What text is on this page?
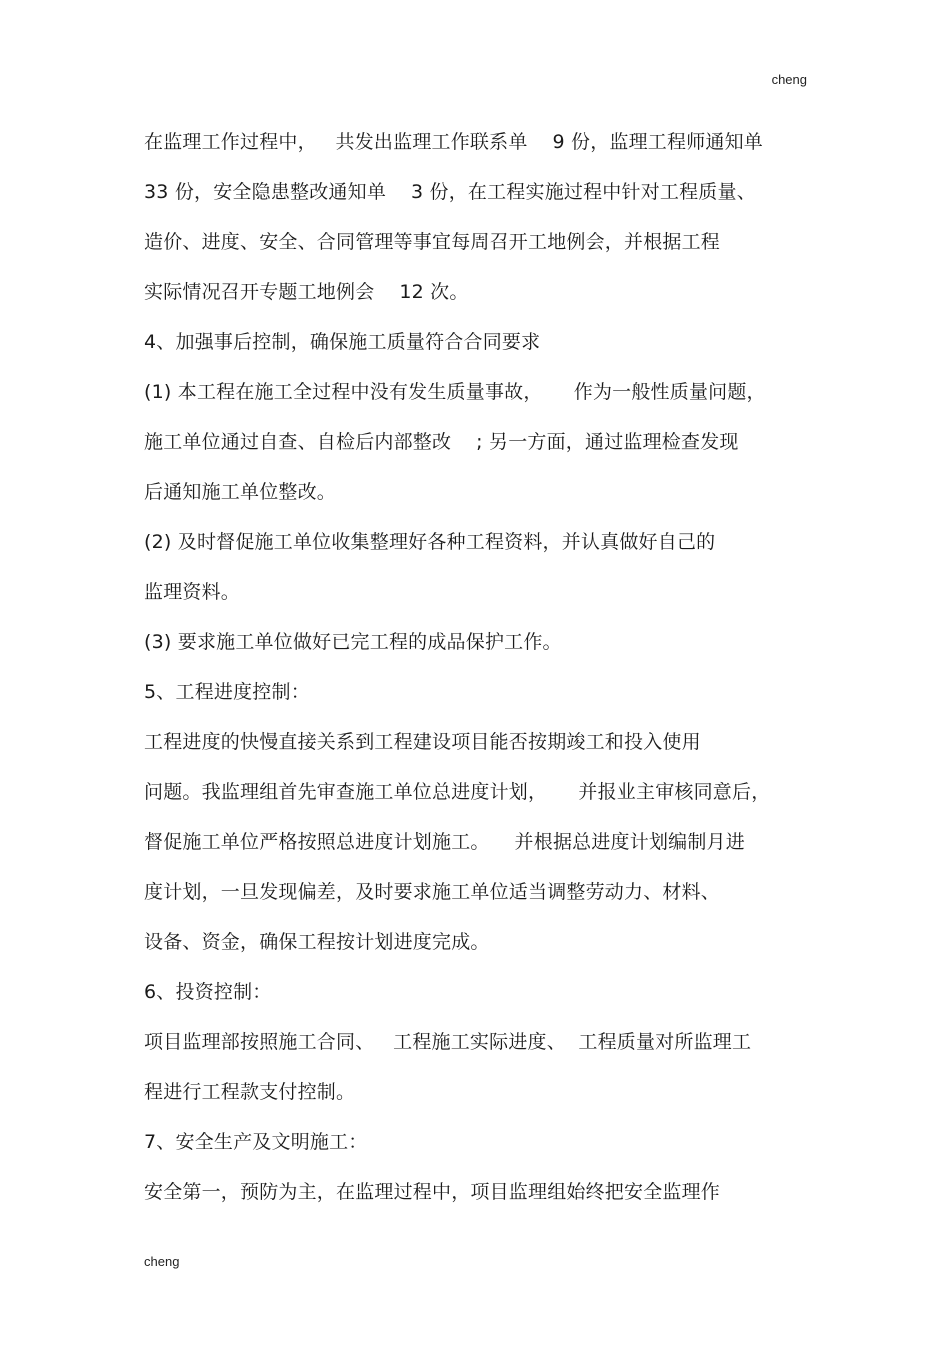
cheng
在监理工作过程中，   共发出监理工作联系单    9 份，监理工程师通知单
33 份，安全隐患整改通知单    3 份，在工程实施过程中针对工程质量、
造价、进度、安全、合同管理等事宜每周召开工地例会，并根据工程
实际情况召开专题工地例会    12 次。
4、加强事后控制，确保施工质量符合合同要求
(1) 本工程在施工全过程中没有发生质量事故，     作为一般性质量问题，
施工单位通过自查、自检后内部整改    ; 另一方面，通过监理检查发现
后通知施工单位整改。
(2) 及时督促施工单位收集整理好各种工程资料，并认真做好自己的
监理资料。
(3) 要求施工单位做好已完工程的成品保护工作。
5、工程进度控制：
工程进度的快慢直接关系到工程建设项目能否按期竣工和投入使用
问题。我监理组首先审查施工单位总进度计划，     并报业主审核同意后，
督促施工单位严格按照总进度计划施工。    并根据总进度计划编制月进
度计划，一旦发现偏差，及时要求施工单位适当调整劳动力、材料、
设备、资金，确保工程按计划进度完成。
6、投资控制：
项目监理部按照施工合同、   工程施工实际进度、  工程质量对所监理工
程进行工程款支付控制。
7、安全生产及文明施工：
安全第一，预防为主，在监理过程中，项目监理组始终把安全监理作
cheng
